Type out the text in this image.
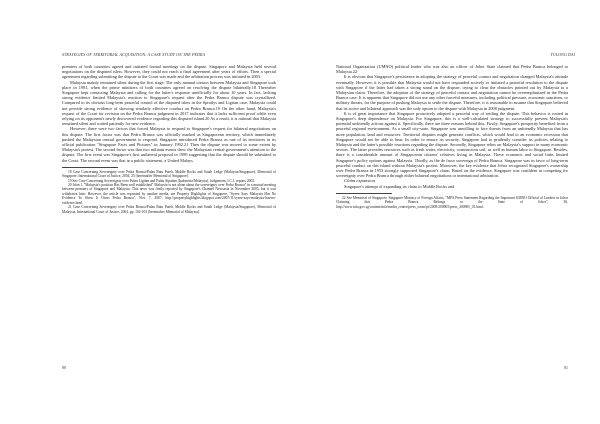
STRATEGIES OF TERRITORIAL ACQUISITION: A CASE STUDY ON THE PEDRA

premiers of both countries agreed and initiated formal meetings on the dispute. Singapore and Malaysia held several negotiations on the disputed islets. However, they could not reach a final agreement after years of efforts. Then a special agreement regarding submitting the dispute to the Court was made and the arbitration process was initiated in 2003.

Malaysia mainly remained silent during the first stage. The only manual contact between Malaysia and Singapore took place in 1981, when the prime ministers of both countries agreed on resolving the dispute bilaterally.18 Thereafter Singapore kept contacting Malaysia and calling for the latter's response unofficially for about 10 years. In fact, lacking strong evidence limited Malaysia's reaction to Singapore's request after the Pedra Branca dispute was crystallized. Compared to its obvious long-term peaceful control of the disputed islets in the Spratlys and Ligitan case, Malaysia could not provide strong evidence of showing similarly effective conduct on Pedra Branca.19 On the other hand, Malaysia's request of the Court for revision on the Pedra Branca judgment in 2017 indicates that it lacks sufficient proof while even relying on its opponent's newly discovered evidence regarding this disputed island.20 As a result, it is rational that Malaysia remained silent and waited patiently for new evidence.

However, there were two factors that forced Malaysia to respond to Singapore's request for bilateral negotiations on this dispute. The first factor was that Pedra Branca was officially marked as Singaporean territory, which immediately pushed the Malaysian central government to respond. Singapore introduced Pedra Branca as one of its territories in its official publication "Singapore Facts and Pictures" in January 1992.21 Then the dispute was moved to some extent by Malaysia's protest. The second factor was that two militant events drew the Malaysian central government's attention to the dispute. The first event was Singapore's first unilateral proposal in 1989 suggesting that the dispute should be submitted to the Court. The second event was that in a public statement, a United Malays

18 Case Concerning Sovereignty over Pedra Branca/Pulau Batu Puteh, Middle Rocks and South Ledge (Malaysia/Singapore), Memorial of Singapore, International Court of Justice, 2004, 25 [hereinafter Memorial of Singapore].

19 See Case Concerning Sovereignty over Pulau Ligitan and Pulau Sipadan (Indonesia/Malaysia), Judgement, I.C.J. reports 2002.

20 Irfan J, "Malaysia's position Has Been well established" Malaysia is not alone about the sovereignty over Pedra Branca" in a mutual meeting between premiers of Singapore and Malaysia. This news was firstly reported by Singapore's Channel Newsasia in November 2005, but it was withdrawn later. However, the article was reprinted by another media, see Property Highlights of Singapore, "Syeez Says Malaysia Has No Evidence To Show It Owns Pedra Branca", Nov. 7, 2007, http://propertyhighlights.blogspot.com/2007/11/syeez-says-malaysia-has-no-evidence.html.

21 Case Concerning Sovereignty over Pedra Branca/Pulau Batu Puteh, Middle Rocks and South Ledge (Malaysia/Singapore), Memorial of Malaysia, International Court of Justice, 2004, pp. 102-103 [hereinafter Memorial of Malaysia].

80
YULONG DAI

National Organization (UMNO) political leader who was also an officer of Johor State claimed that Pedra Branca belonged to Malaysia.22

It is obvious that Singapore's persistence in adopting the strategy of peaceful contact and negotiation changed Malaysia's attitude eventually. However, it is possible that Malaysia would not have responded actively or initiated a peaceful resolution to the dispute with Singapore if the latter had taken a strong stand on the dispute, trying to clear the obstacles pointed out by Malaysia to a Malaysian claim. Therefore, the adoption of the strategy of peaceful contact and negotiation cannot be overemphasized in the Pedra Branca case. It is apparent that Singapore did not use any other forceful measures, including political pressure, economic sanctions, or military threats, for the purpose of pushing Malaysia to settle the dispute. Therefore, it is reasonable to assume that Singapore believed that its active and bilateral approach was the only option to the dispute with Malaysia in 2008 judgment.

It is of great importance that Singapore proactively adopted a peaceful way of settling the dispute. This behavior is rooted in Singapore's deep dependence on Malaysia. For Singapore, this is a well-calculated strategy to successfully prevent Malaysia's potential unfriendly actions against it. Specifically, there are three reasons behind this. Firstly, Singapore's prosperity benefited from a peaceful regional environment. As a small city-state, Singapore was unwilling to face threats from an unfriendly Malaysia that has more population, land and resources. Territorial disputes might generate conflicts, which would lead to an economic recession that Singapore would not be able to bear. In order to ensure its security, Singapore had to prudently consider its policies relating to Malaysia and the latter's possible reactions regarding the dispute. Secondly, Singapore relies on Malaysia's support in many economic sectors. The latter provides resources such as fresh water, electricity, construction soil, as well as human labor to Singapore. Besides, there is a considerable amount of Singaporean citizens' relatives living in Malaysia. These economic and social links limited Singapore's policy options against Malaysia. Thirdly, as the de facto sovereign of Pedra Branca, Singapore was in favor of long-term peaceful conduct on this island without Malaysia's protest. Moreover, the key evidence that Johor recognized Singapore's ownership over Pedra Branca in 1953 strongly supported Singapore's claim. Based on the evidence, Singapore was confident in competing for sovereignty over Pedra Branca through either bilateral negotiations or international arbitration.

Claim expansion

Singapore's attempt of expanding its claim to Middle Rocks and

22 See Memorial of Singapore, Singapore Ministry of Foreign Affairs, "MFA Press Statement Regarding the Important UMNO Official of Leaders in Johor Claiming that Pedra Branca Belongs to the State of Johor", 36, http://www.mfa.gov.sg/content/mfa/media_centre/press_room/pr/2009/200905/press_200905_01.html.

81
